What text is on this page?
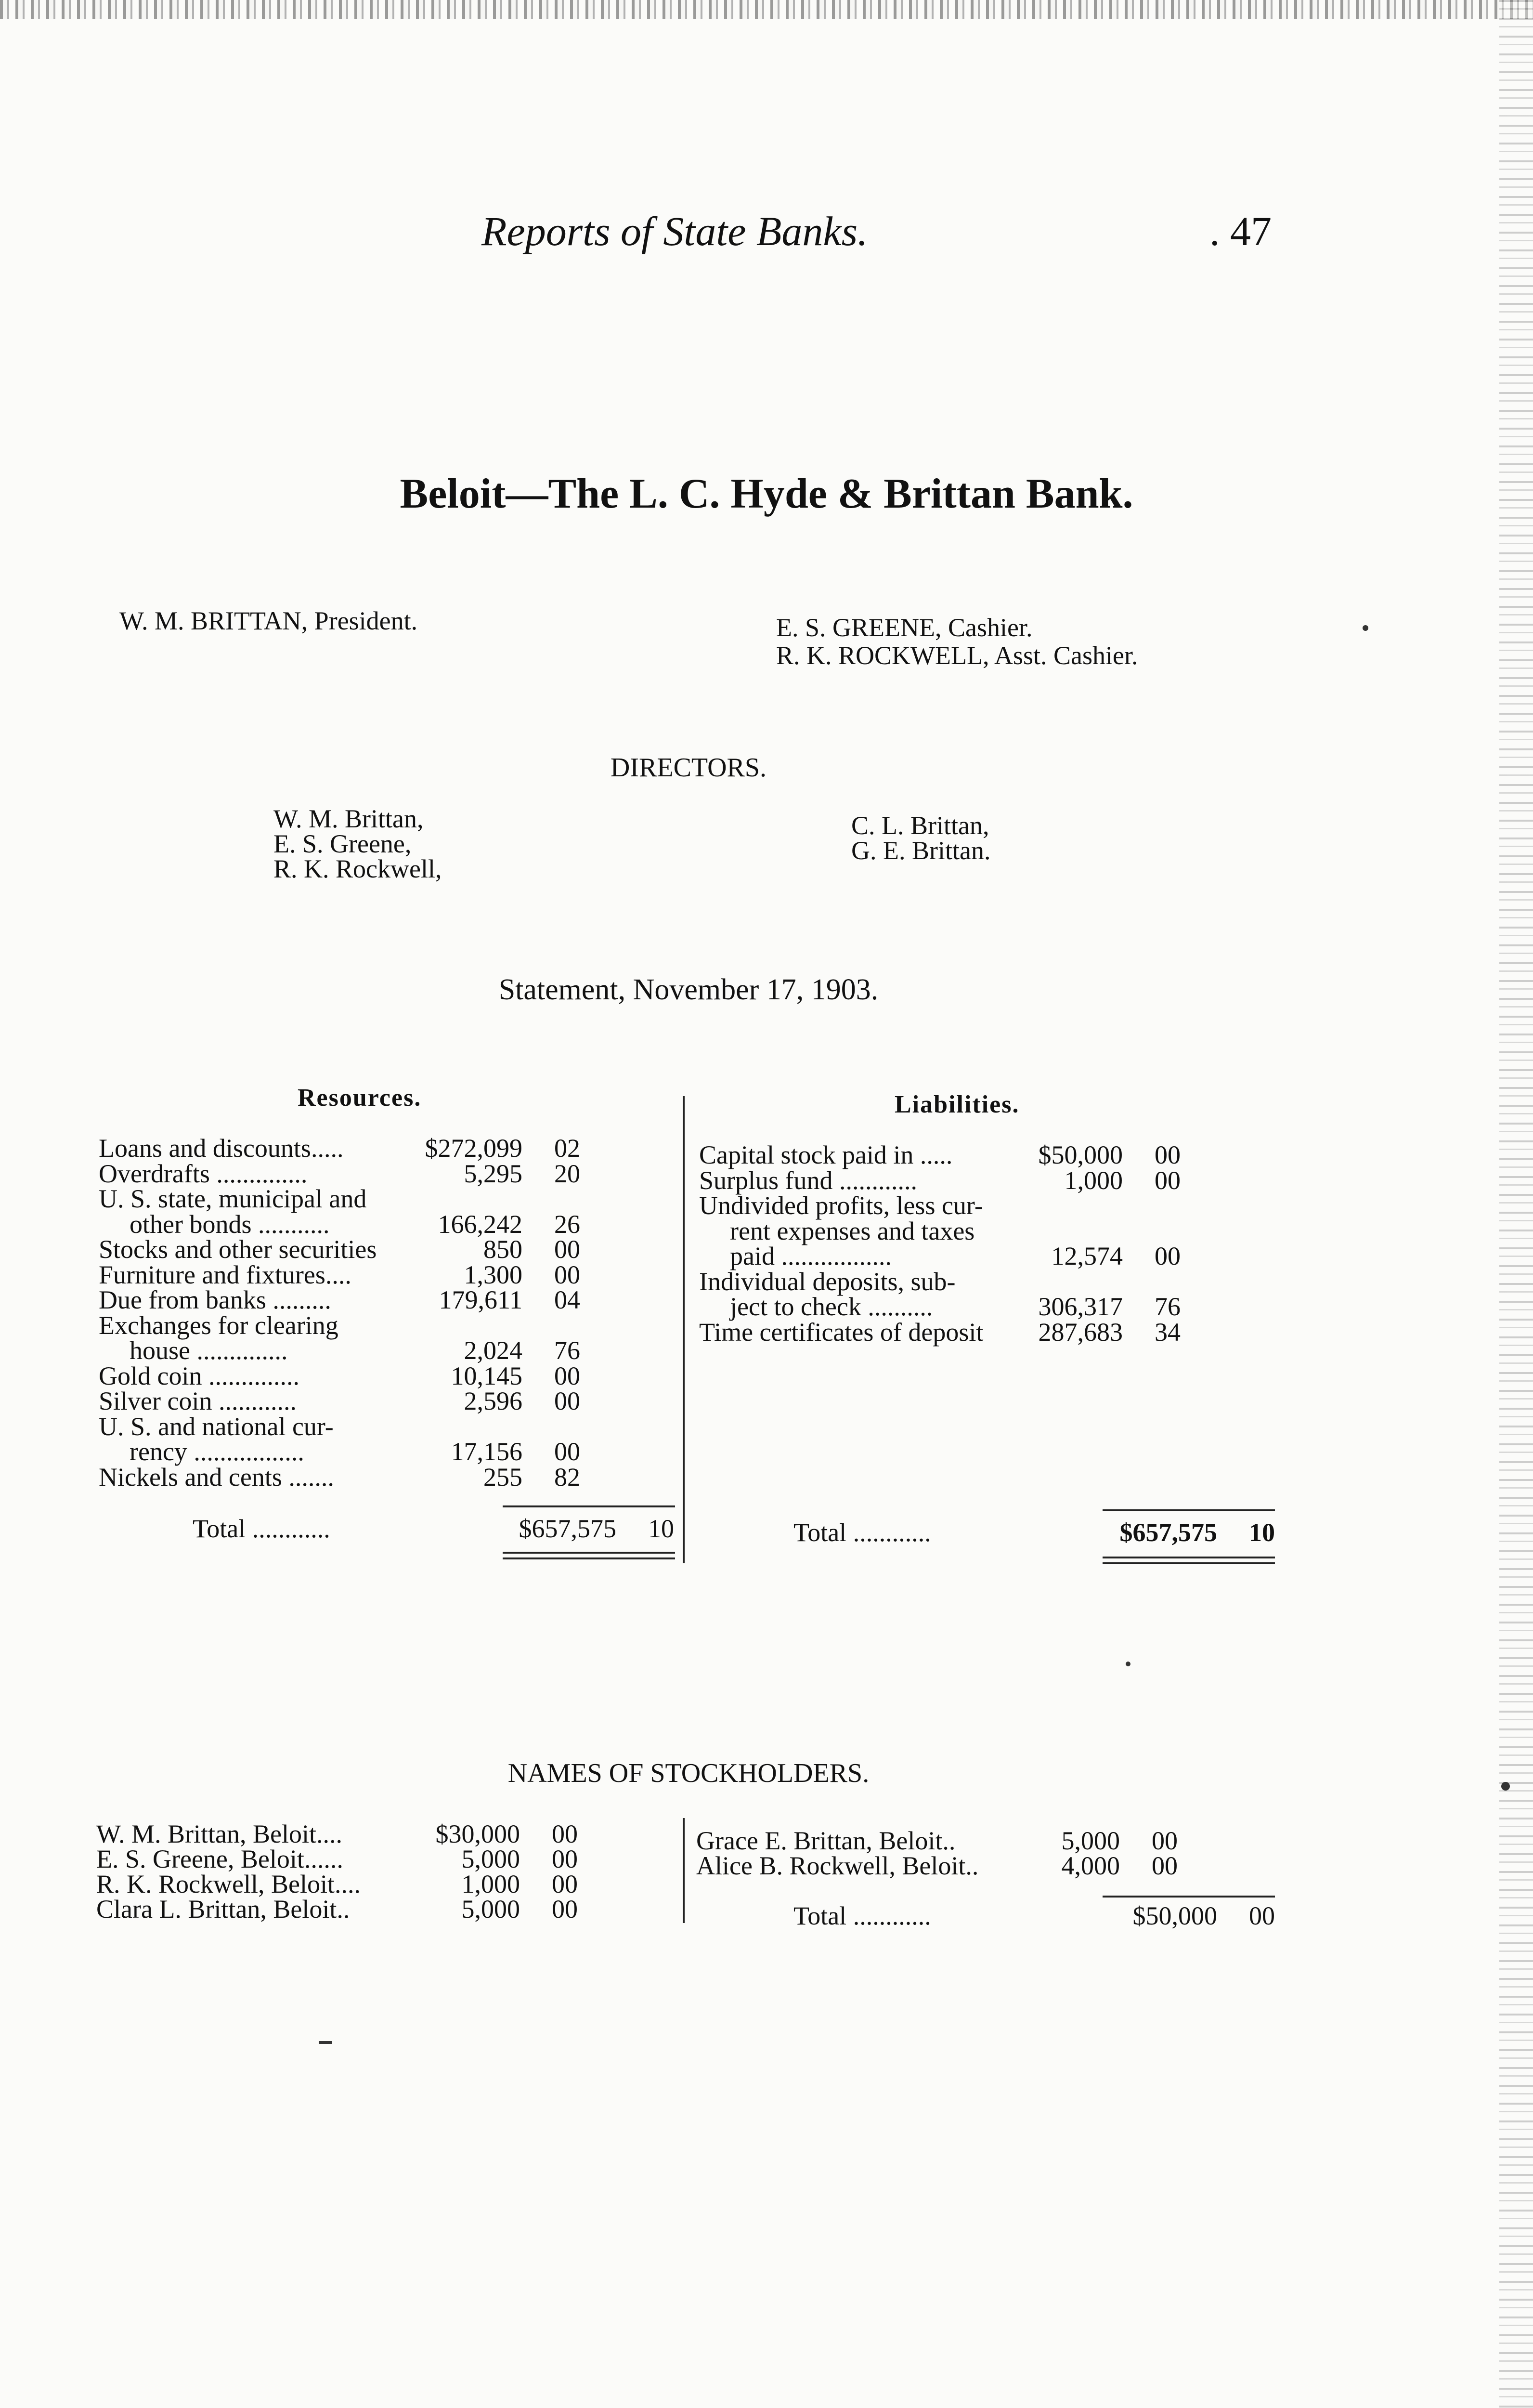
Reports of State Banks.	. 47
Beloit—The L. C. Hyde & Brittan Bank.
W. M. BRITTAN, President.	E. S. GREENE, Cashier.
R. K. ROCKWELL, Asst. Cashier.
DIRECTORS.
W. M. Brittan,
E. S. Greene,
R. K. Rockwell,
C. L. Brittan,
G. E. Brittan.
Statement, November 17, 1903.
Resources.	Liabilities.
Loans and discounts.....	$272,099	02
Overdrafts ..............	5,295	20
U. S. state, municipal and
other bonds ...........	166,242	26
Stocks and other securities	850	00
Furniture and fixtures....	1,300	00
Due from banks .........	179,611	04
Exchanges for clearing
house ..............	2,024	76
Gold coin ..............	10,145	00
Silver coin ............	2,596	00
U. S. and national cur-
rency .................	17,156	00
Nickels and cents .......	255	82
Capital stock paid in .....	$50,000	00
Surplus fund ............	1,000	00
Undivided profits, less cur-
rent expenses and taxes
paid .................	12,574	00
Individual deposits, sub-
ject to check ..........	306,317	76
Time certificates of deposit	287,683	34
Total ............	$657,575	10	Total ............	$657,575	10
NAMES OF STOCKHOLDERS.
W. M. Brittan, Beloit....	$30,000	00
E. S. Greene, Beloit......	5,000	00
R. K. Rockwell, Beloit....	1,000	00
Clara L. Brittan, Beloit..	5,000	00
Grace E. Brittan, Beloit..	5,000	00
Alice B. Rockwell, Beloit..	4,000	00
Total ............	$50,000	00
